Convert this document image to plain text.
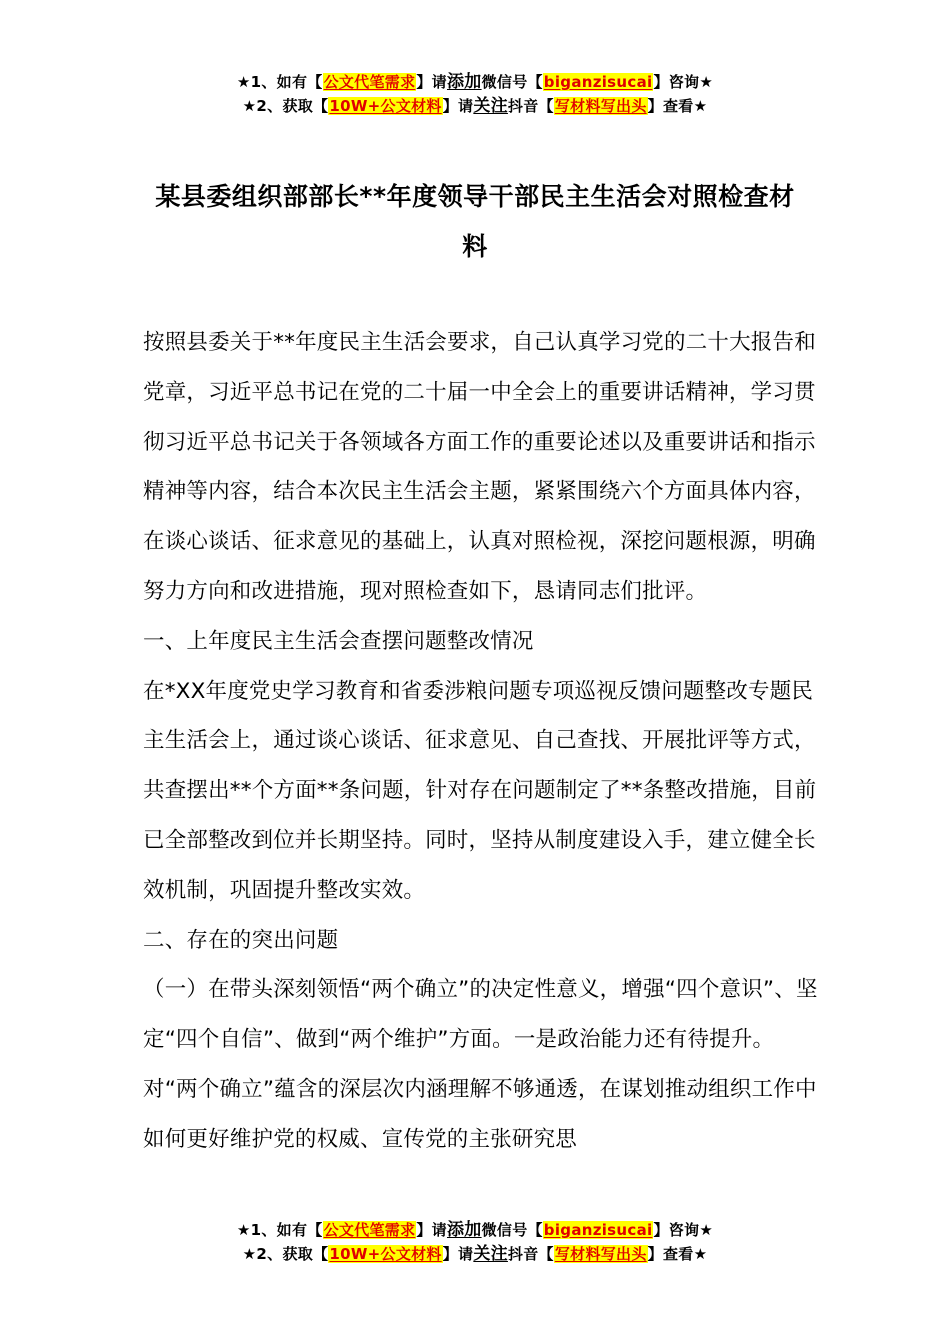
★1、如有【公文代笔需求】请添加微信号【biganzisucai】咨询★
★2、获取【10W+公文材料】请关注抖音【写材料写出头】查看★
某县委组织部部长**年度领导干部民主生活会对照检查材料

按照县委关于**年度民主生活会要求，自己认真学习党的二十大报告和党章，习近平总书记在党的二十届一中全会上的重要讲话精神，学习贯彻习近平总书记关于各领域各方面工作的重要论述以及重要讲话和指示精神等内容，结合本次民主生活会主题，紧紧围绕六个方面具体内容，在谈心谈话、征求意见的基础上，认真对照检视，深挖问题根源，明确努力方向和改进措施，现对照检查如下，恳请同志们批评。

一、上年度民主生活会查摆问题整改情况

在*XX年度党史学习教育和省委涉粮问题专项巡视反馈问题整改专题民主生活会上，通过谈心谈话、征求意见、自己查找、开展批评等方式，共查摆出**个方面**条问题，针对存在问题制定了**条整改措施，目前已全部整改到位并长期坚持。同时，坚持从制度建设入手，建立健全长效机制，巩固提升整改实效。

二、存在的突出问题

（一）在带头深刻领悟“两个确立”的决定性意义，增强“四个意识”、坚定“四个自信”、做到“两个维护”方面。一是政治能力还有待提升。对“两个确立”蕴含的深层次内涵理解不够通透，在谋划推动组织工作中如何更好维护党的权威、宣传党的主张研究思

★1、如有【公文代笔需求】请添加微信号【biganzisucai】咨询★
★2、获取【10W+公文材料】请关注抖音【写材料写出头】查看★
